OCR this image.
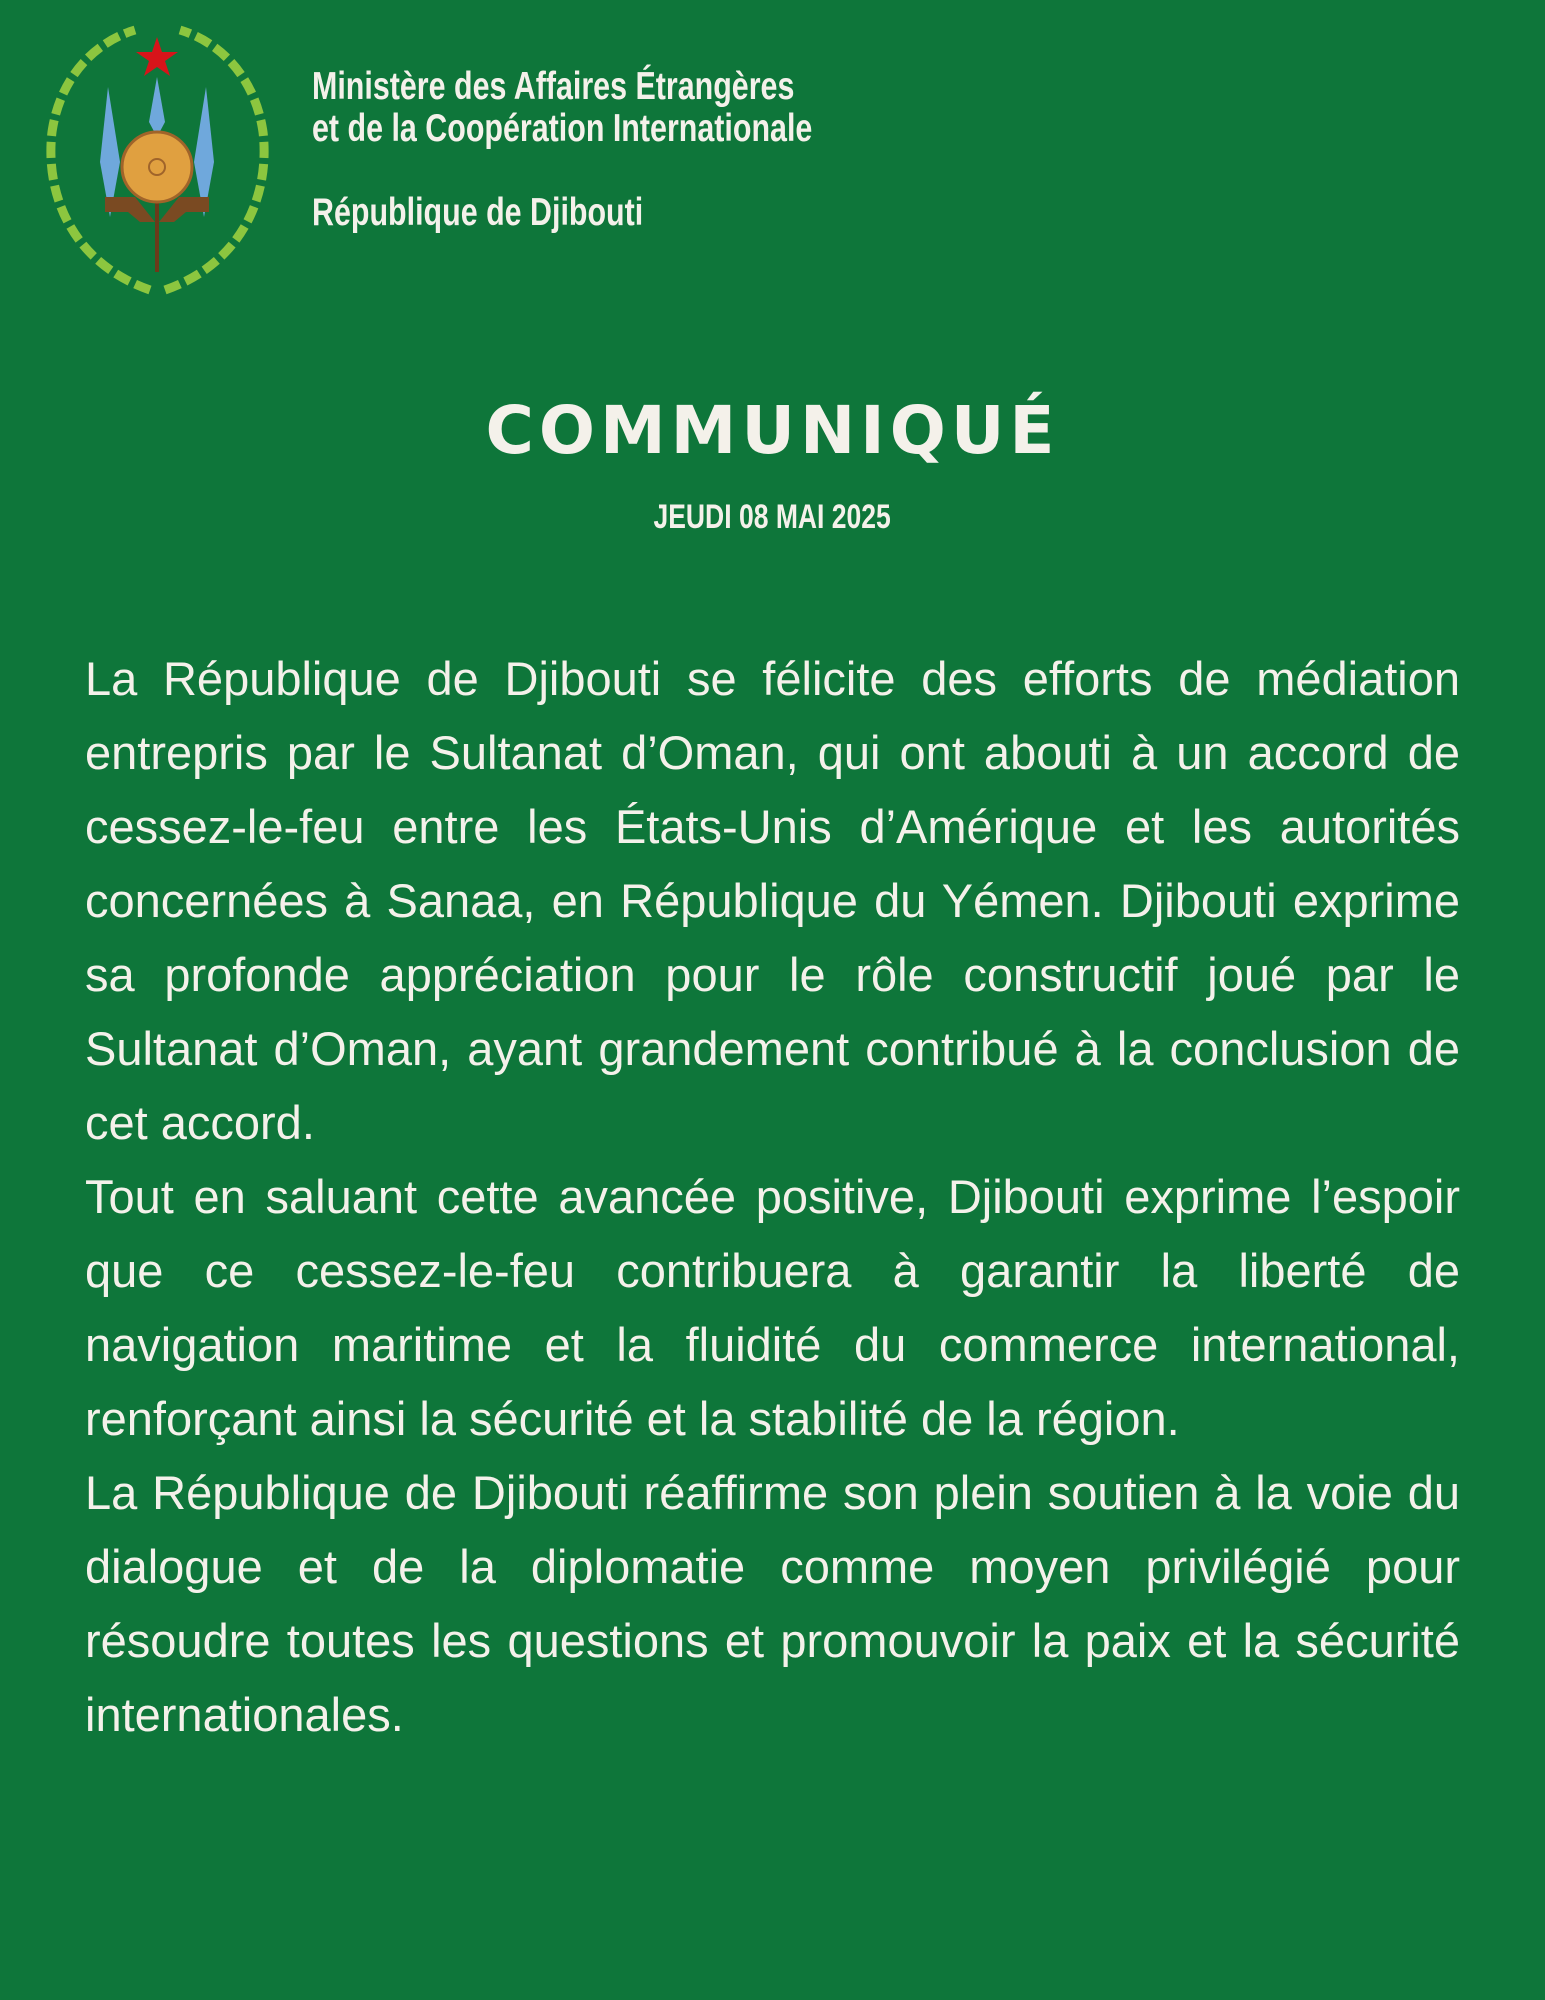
Ministère des Affaires Étrangères
et de la Coopération Internationale
République de Djibouti
COMMUNIQUÉ
JEUDI 08 MAI 2025

La République de Djibouti se félicite des efforts de médiation entrepris par le Sultanat d’Oman, qui ont abouti à un accord de cessez-le-feu entre les États-Unis d’Amérique et les autorités concernées à Sanaa, en République du Yémen. Djibouti exprime sa profonde appréciation pour le rôle constructif joué par le Sultanat d’Oman, ayant grandement contribué à la conclusion de cet accord.

Tout en saluant cette avancée positive, Djibouti exprime l’espoir que ce cessez-le-feu contribuera à garantir la liberté de navigation maritime et la fluidité du commerce international, renforçant ainsi la sécurité et la stabilité de la région.

La République de Djibouti réaffirme son plein soutien à la voie du dialogue et de la diplomatie comme moyen privilégié pour résoudre toutes les questions et promouvoir la paix et la sécurité internationales.
